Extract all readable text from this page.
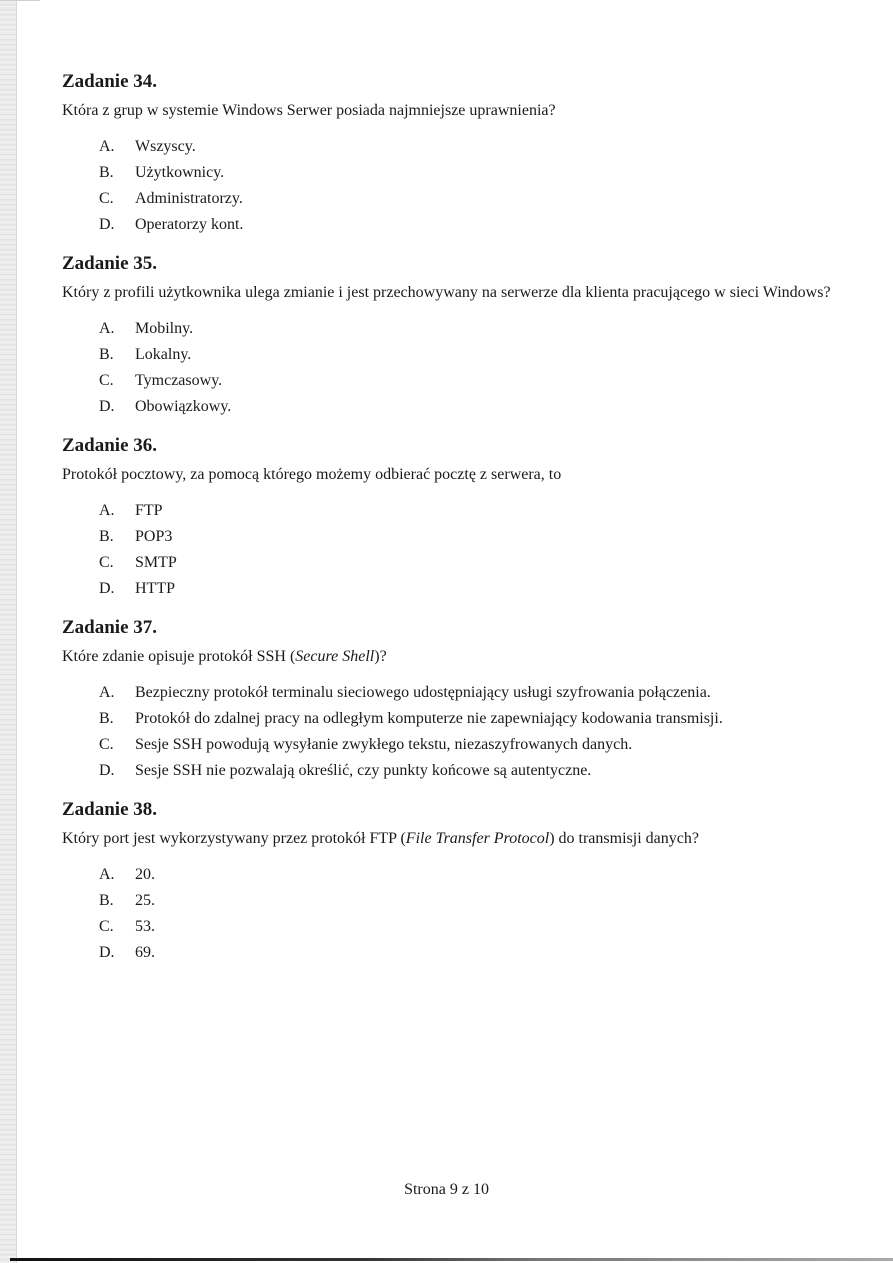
Zadanie 34.

Która z grup w systemie Windows Serwer posiada najmniejsze uprawnienia?

A.	Wszyscy.
B.	Użytkownicy.
C.	Administratorzy.
D.	Operatorzy kont.
Zadanie 35.

Który z profili użytkownika ulega zmianie i jest przechowywany na serwerze dla klienta pracującego w sieci Windows?

A.	Mobilny.
B.	Lokalny.
C.	Tymczasowy.
D.	Obowiązkowy.
Zadanie 36.

Protokół pocztowy, za pomocą którego możemy odbierać pocztę z serwera, to

A.	FTP
B.	POP3
C.	SMTP
D.	HTTP
Zadanie 37.

Które zdanie opisuje protokół SSH (Secure Shell)?

A.	Bezpieczny protokół terminalu sieciowego udostępniający usługi szyfrowania połączenia.
B.	Protokół do zdalnej pracy na odległym komputerze nie zapewniający kodowania transmisji.
C.	Sesje SSH powodują wysyłanie zwykłego tekstu, niezaszyfrowanych danych.
D.	Sesje SSH nie pozwalają określić, czy punkty końcowe są autentyczne.
Zadanie 38.

Który port jest wykorzystywany przez protokół FTP (File Transfer Protocol) do transmisji danych?

A.	20.
B.	25.
C.	53.
D.	69.
Strona 9 z 10
